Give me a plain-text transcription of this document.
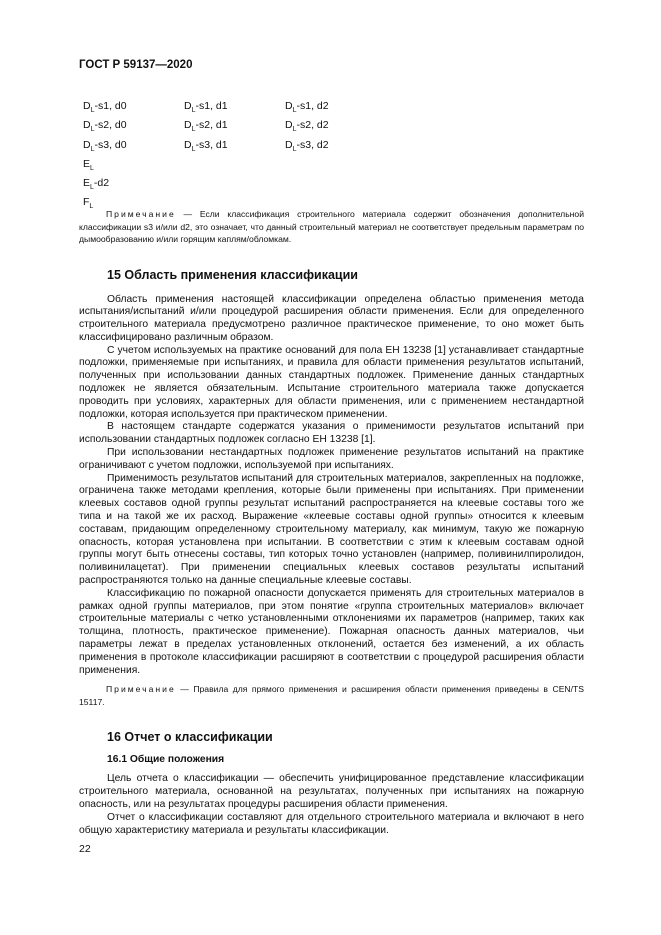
ГОСТ Р 59137—2020
$D_L-s1$, d0	$D_L-s1$, d1	$D_L-s1$, d2
$D_L-s2$, d0	$D_L-s2$, d1	$D_L-s2$, d2
$D_L-s3$, d0	$D_L-s3$, d1	$D_L-s3$, d2
$E_L$
$E_L-d2$
$F_L$

Примечание — Если классификация строительного материала содержит обозначения дополнительной классификации s3 и/или d2, это означает, что данный строительный материал не соответствует предельным параметрам по дымообразованию и/или горящим каплям/обломкам.

15 Область применения классификации

Область применения настоящей классификации определена областью применения метода испытания/испытаний и/или процедурой расширения области применения. Если для определенного строительного материала предусмотрено различное практическое применение, то оно может быть классифицировано различным образом.

С учетом используемых на практике оснований для пола ЕН 13238 [1] устанавливает стандартные подложки, применяемые при испытаниях, и правила для области применения результатов испытаний, полученных при использовании данных стандартных подложек. Применение данных стандартных подложек не является обязательным. Испытание строительного материала также допускается проводить при условиях, характерных для области применения, или с применением нестандартной подложки, которая используется при практическом применении.

В настоящем стандарте содержатся указания о применимости результатов испытаний при использовании стандартных подложек согласно ЕН 13238 [1].

При использовании нестандартных подложек применение результатов испытаний на практике ограничивают с учетом подложки, используемой при испытаниях.

Применимость результатов испытаний для строительных материалов, закрепленных на подложке, ограничена также методами крепления, которые были применены при испытаниях. При применении клеевых составов одной группы результат испытаний распространяется на клеевые составы того же типа и на такой же их расход. Выражение «клеевые составы одной группы» относится к клеевым составам, придающим определенному строительному материалу, как минимум, такую же пожарную опасность, которая установлена при испытании. В соответствии с этим к клеевым составам одной группы могут быть отнесены составы, тип которых точно установлен (например, поливинилпиролидон, поливинилацетат). При применении специальных клеевых составов результаты испытаний распространяются только на данные специальные клеевые составы.

Классификацию по пожарной опасности допускается применять для строительных материалов в рамках одной группы материалов, при этом понятие «группа строительных материалов» включает строительные материалы с четко установленными отклонениями их параметров (например, таких как толщина, плотность, практическое применение). Пожарная опасность данных материалов, чьи параметры лежат в пределах установленных отклонений, остается без изменений, а их область применения в протоколе классификации расширяют в соответствии с процедурой расширения области применения.

Примечание — Правила для прямого применения и расширения области применения приведены в CEN/TS 15117.

16 Отчет о классификации
16.1 Общие положения

Цель отчета о классификации — обеспечить унифицированное представление классификации строительного материала, основанной на результатах, полученных при испытаниях на пожарную опасность, или на результатах процедуры расширения области применения.

Отчет о классификации составляют для отдельного строительного материала и включают в него общую характеристику материала и результаты классификации.

22
